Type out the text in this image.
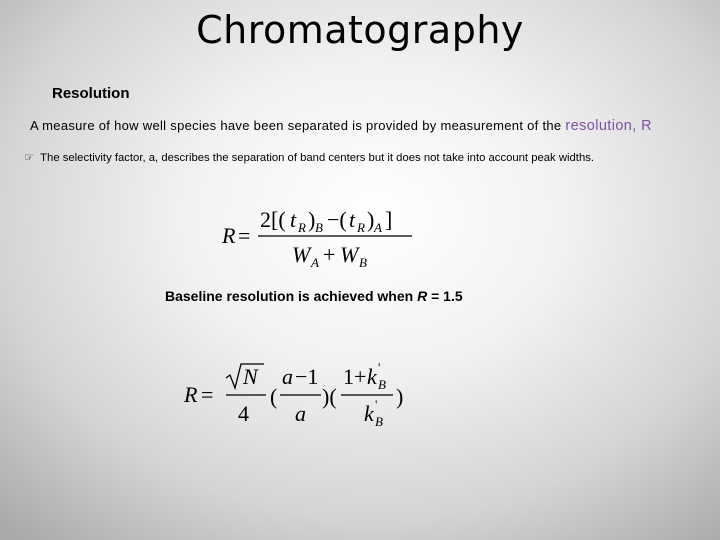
Chromatography
Resolution
A measure of how well species have been separated is provided by measurement of the resolution, R
☞ The selectivity factor, a, describes the separation of band centers but it does not take into account peak widths.
R =
2[( t R ) B −( t R ) A ]
W A + W B
Baseline resolution is achieved when R = 1.5
R =
N
4
(
a −1
a
)(
1+ k '
B
k '
B
)
